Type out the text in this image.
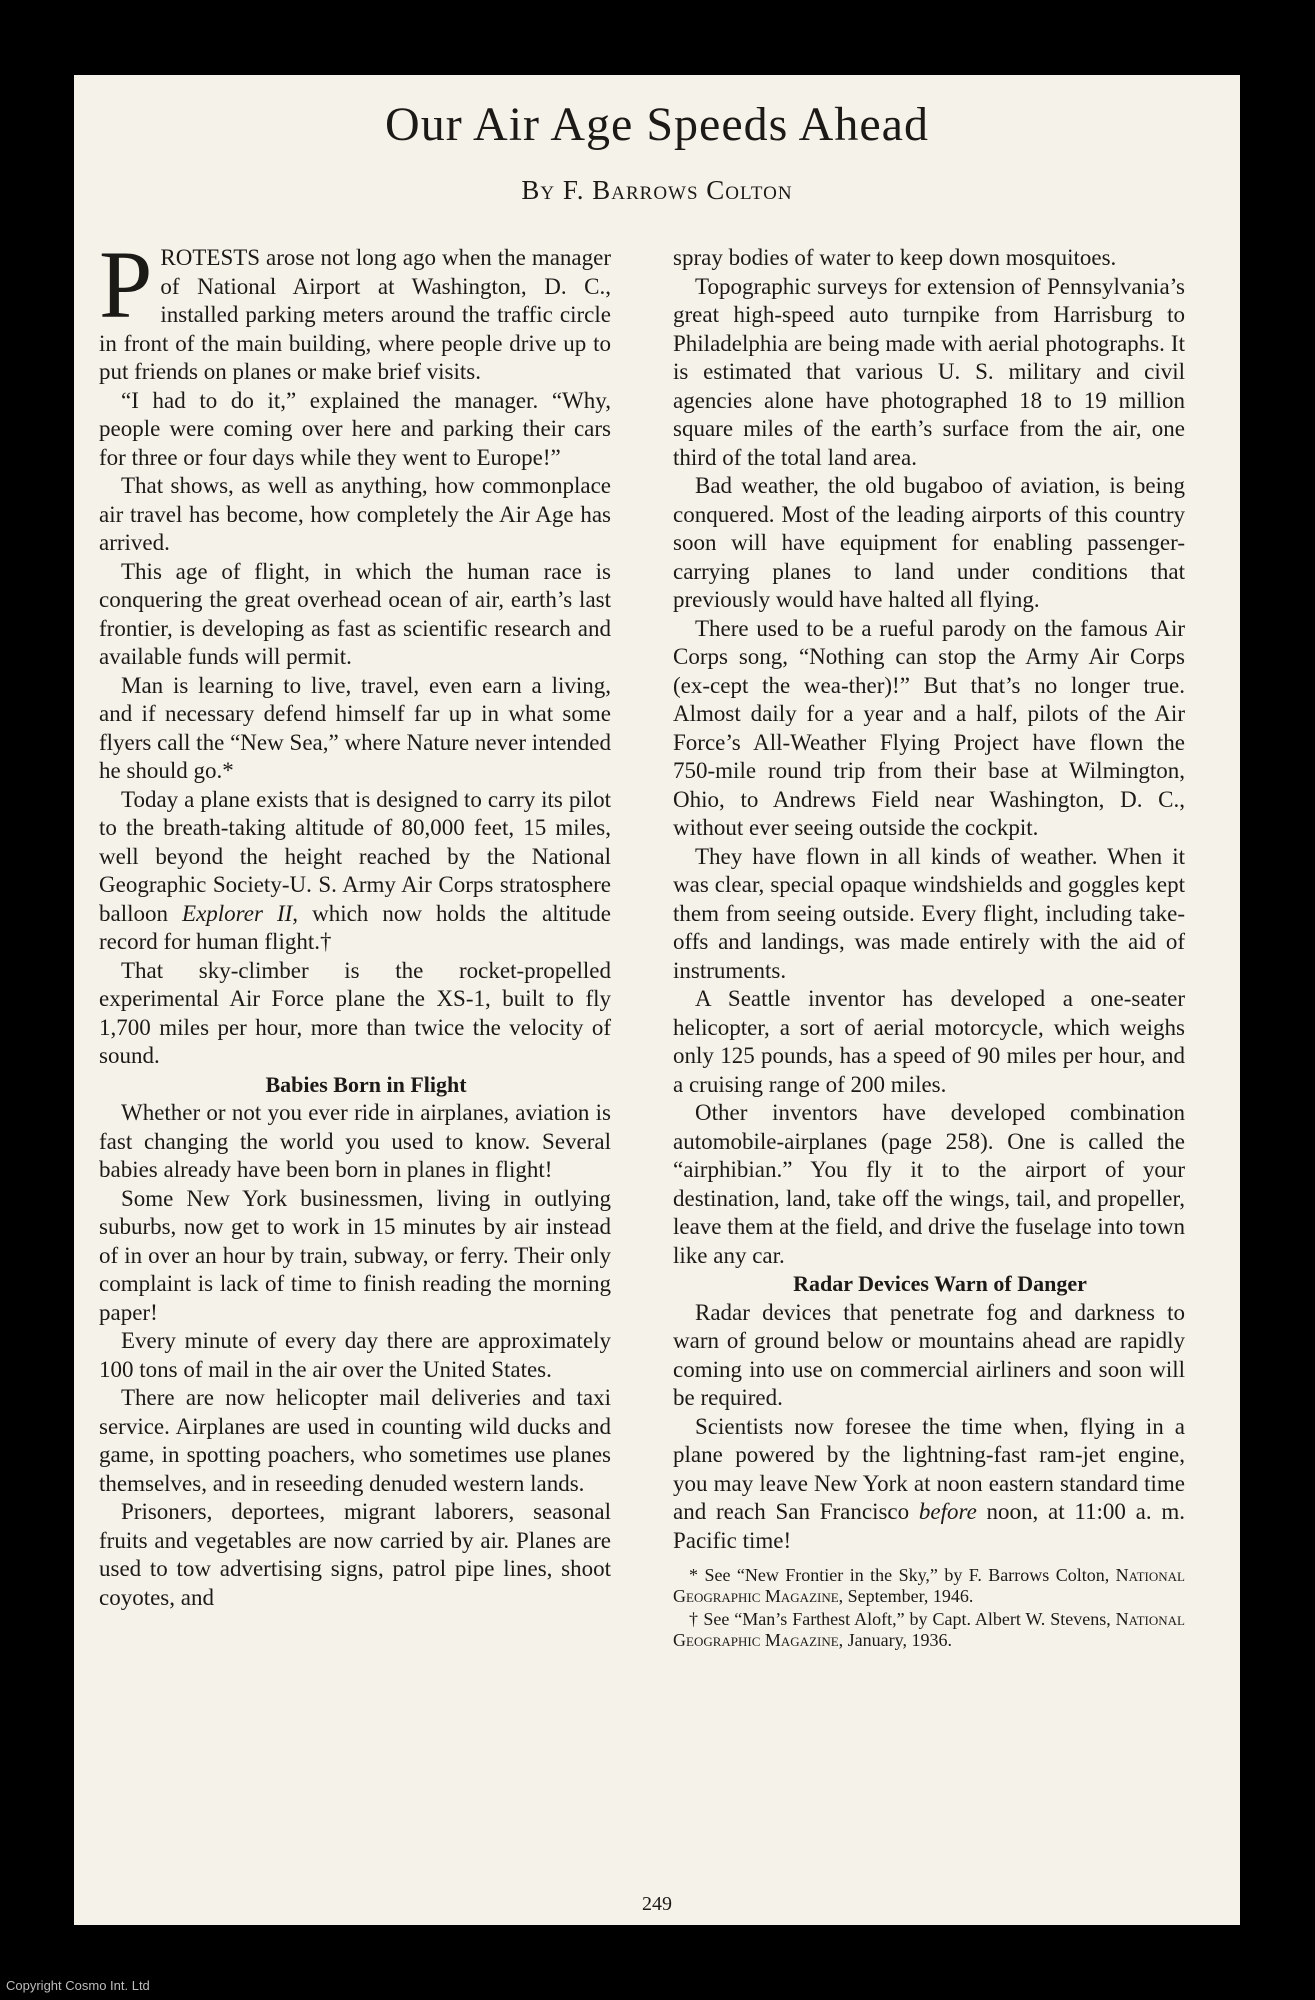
Our Air Age Speeds Ahead
By F. Barrows Colton

PROTESTS arose not long ago when the manager of National Airport at Washington, D. C., installed parking meters around the traffic circle in front of the main building, where people drive up to put friends on planes or make brief visits.

“I had to do it,” explained the manager. “Why, people were coming over here and parking their cars for three or four days while they went to Europe!”

That shows, as well as anything, how commonplace air travel has become, how completely the Air Age has arrived.

This age of flight, in which the human race is conquering the great overhead ocean of air, earth’s last frontier, is developing as fast as scientific research and available funds will permit.

Man is learning to live, travel, even earn a living, and if necessary defend himself far up in what some flyers call the “New Sea,” where Nature never intended he should go.*

Today a plane exists that is designed to carry its pilot to the breath-taking altitude of 80,000 feet, 15 miles, well beyond the height reached by the National Geographic Society-U. S. Army Air Corps stratosphere balloon Explorer II, which now holds the altitude record for human flight.†

That sky-climber is the rocket-propelled experimental Air Force plane the XS-1, built to fly 1,700 miles per hour, more than twice the velocity of sound.

Babies Born in Flight

Whether or not you ever ride in airplanes, aviation is fast changing the world you used to know. Several babies already have been born in planes in flight!

Some New York businessmen, living in outlying suburbs, now get to work in 15 minutes by air instead of in over an hour by train, subway, or ferry. Their only complaint is lack of time to finish reading the morning paper!

Every minute of every day there are approximately 100 tons of mail in the air over the United States.

There are now helicopter mail deliveries and taxi service. Airplanes are used in counting wild ducks and game, in spotting poachers, who sometimes use planes themselves, and in reseeding denuded western lands.

Prisoners, deportees, migrant laborers, seasonal fruits and vegetables are now carried by air. Planes are used to tow advertising signs, patrol pipe lines, shoot coyotes, and

spray bodies of water to keep down mosquitoes.

Topographic surveys for extension of Pennsylvania’s great high-speed auto turnpike from Harrisburg to Philadelphia are being made with aerial photographs. It is estimated that various U. S. military and civil agencies alone have photographed 18 to 19 million square miles of the earth’s surface from the air, one third of the total land area.

Bad weather, the old bugaboo of aviation, is being conquered. Most of the leading airports of this country soon will have equipment for enabling passenger-carrying planes to land under conditions that previously would have halted all flying.

There used to be a rueful parody on the famous Air Corps song, “Nothing can stop the Army Air Corps (ex-cept the wea-ther)!” But that’s no longer true. Almost daily for a year and a half, pilots of the Air Force’s All-Weather Flying Project have flown the 750-mile round trip from their base at Wilmington, Ohio, to Andrews Field near Washington, D. C., without ever seeing outside the cockpit.

They have flown in all kinds of weather. When it was clear, special opaque windshields and goggles kept them from seeing outside. Every flight, including take-offs and landings, was made entirely with the aid of instruments.

A Seattle inventor has developed a one-seater helicopter, a sort of aerial motorcycle, which weighs only 125 pounds, has a speed of 90 miles per hour, and a cruising range of 200 miles.

Other inventors have developed combination automobile-airplanes (page 258). One is called the “airphibian.” You fly it to the airport of your destination, land, take off the wings, tail, and propeller, leave them at the field, and drive the fuselage into town like any car.

Radar Devices Warn of Danger

Radar devices that penetrate fog and darkness to warn of ground below or mountains ahead are rapidly coming into use on commercial airliners and soon will be required.

Scientists now foresee the time when, flying in a plane powered by the lightning-fast ram-jet engine, you may leave New York at noon eastern standard time and reach San Francisco before noon, at 11:00 a. m. Pacific time!

* See “New Frontier in the Sky,” by F. Barrows Colton, National Geographic Magazine, September, 1946.

† See “Man’s Farthest Aloft,” by Capt. Albert W. Stevens, National Geographic Magazine, January, 1936.

249
Copyright Cosmo Int. Ltd
